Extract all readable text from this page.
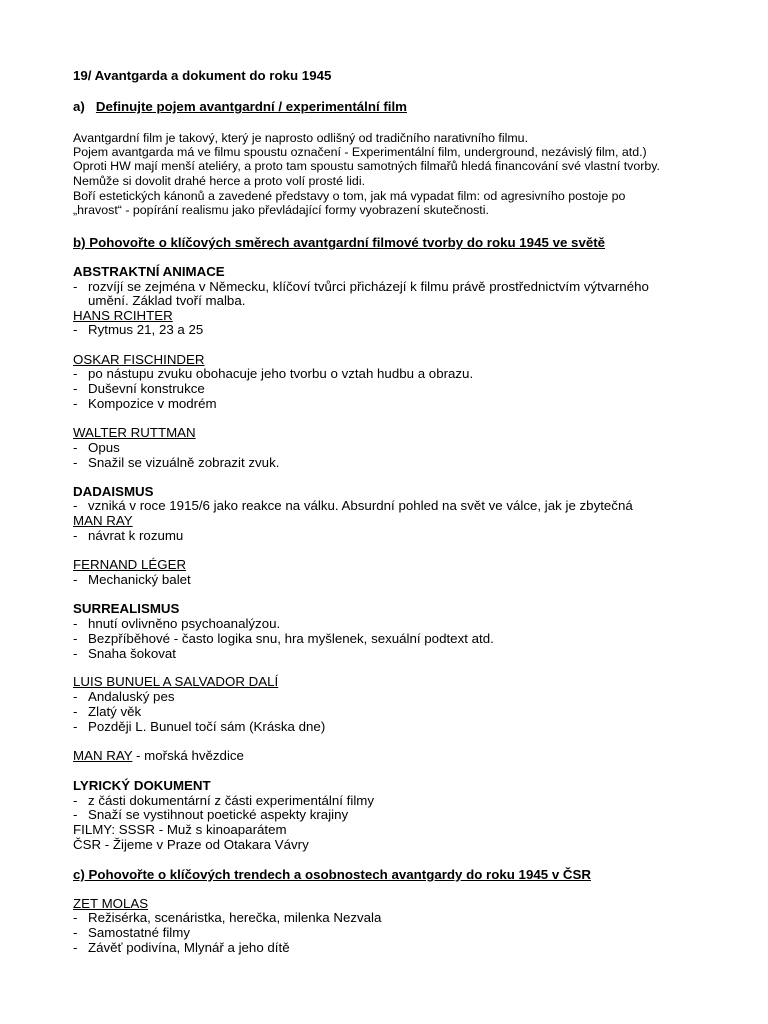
19/ Avantgarda a dokument do roku 1945
a) Definujte pojem avantgardní / experimentální film
Avantgardní film je takový, který je naprosto odlišný od tradičního narativního filmu.
Pojem avantgarda má ve filmu spoustu označení - Experimentální film, underground, nezávislý film, atd.)
Oproti HW mají menší ateliéry, a proto tam spoustu samotných filmařů hledá financování své vlastní tvorby.
Nemůže si dovolit drahé herce a proto volí prosté lidi.
Boří estetických kánonů a zavedené představy o tom, jak má vypadat film: od agresivního postoje po
„hravost“ - popírání realismu jako převládající formy vyobrazení skutečnosti.
b) Pohovořte o klíčových směrech avantgardní filmové tvorby do roku 1945 ve světě
ABSTRAKTNÍ ANIMACE
- rozvíjí se zejména v Německu, klíčoví tvůrci přicházejí k filmu právě prostřednictvím výtvarného
umění. Základ tvoří malba.
HANS RCIHTER
- Rytmus 21, 23 a 25
OSKAR FISCHINDER
- po nástupu zvuku obohacuje jeho tvorbu o vztah hudbu a obrazu.
- Duševní konstrukce
- Kompozice v modrém
WALTER RUTTMAN
- Opus
- Snažil se vizuálně zobrazit zvuk.
DADAISMUS
- vzniká v roce 1915/6 jako reakce na válku. Absurdní pohled na svět ve válce, jak je zbytečná
MAN RAY
- návrat k rozumu
FERNAND LÉGER
- Mechanický balet
SURREALISMUS
- hnutí ovlivněno psychoanalýzou.
- Bezpříběhové - často logika snu, hra myšlenek, sexuální podtext atd.
- Snaha šokovat
LUIS BUNUEL A SALVADOR DALÍ
- Andaluský pes
- Zlatý věk
- Později L. Bunuel točí sám (Kráska dne)
MAN RAY - mořská hvězdice
LYRICKÝ DOKUMENT
- z části dokumentární z části experimentální filmy
- Snaží se vystihnout poetické aspekty krajiny
FILMY: SSSR - Muž s kinoaparátem
ČSR - Žijeme v Praze od Otakara Vávry
c) Pohovořte o klíčových trendech a osobnostech avantgardy do roku 1945 v ČSR
ZET MOLAS
- Režisérka, scenáristka, herečka, milenka Nezvala
- Samostatné filmy
- Závěť podivína, Mlynář a jeho dítě
